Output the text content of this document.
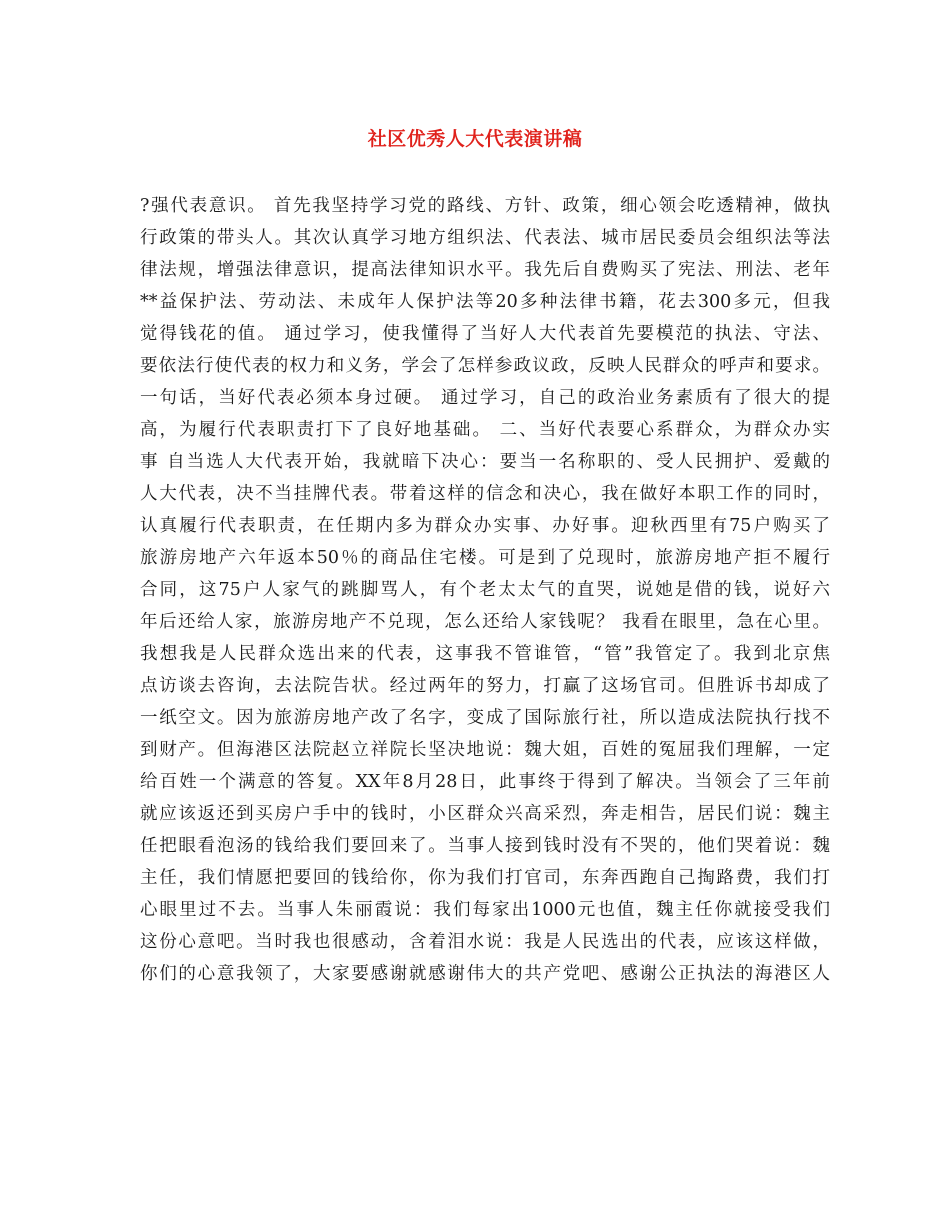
社区优秀人大代表演讲稿
?强代表意识。 首先我坚持学习党的路线、方针、政策，细心领会吃透精神，做执
行政策的带头人。其次认真学习地方组织法、代表法、城市居民委员会组织法等法
律法规，增强法律意识，提高法律知识水平。我先后自费购买了宪法、刑法、老年
**益保护法、劳动法、未成年人保护法等20多种法律书籍，花去300多元，但我
觉得钱花的值。 通过学习，使我懂得了当好人大代表首先要模范的执法、守法、
要依法行使代表的权力和义务，学会了怎样参政议政，反映人民群众的呼声和要求。
一句话，当好代表必须本身过硬。 通过学习，自己的政治业务素质有了很大的提
高，为履行代表职责打下了良好地基础。 二、当好代表要心系群众，为群众办实
事 自当选人大代表开始，我就暗下决心：要当一名称职的、受人民拥护、爱戴的
人大代表，决不当挂牌代表。带着这样的信念和决心，我在做好本职工作的同时，
认真履行代表职责，在任期内多为群众办实事、办好事。迎秋西里有75户购买了
旅游房地产六年返本50％的商品住宅楼。可是到了兑现时，旅游房地产拒不履行
合同，这75户人家气的跳脚骂人，有个老太太气的直哭，说她是借的钱，说好六
年后还给人家，旅游房地产不兑现，怎么还给人家钱呢？ 我看在眼里，急在心里。
我想我是人民群众选出来的代表，这事我不管谁管，“管”我管定了。我到北京焦
点访谈去咨询，去法院告状。经过两年的努力，打赢了这场官司。但胜诉书却成了
一纸空文。因为旅游房地产改了名字，变成了国际旅行社，所以造成法院执行找不
到财产。但海港区法院赵立祥院长坚决地说：魏大姐，百姓的冤屈我们理解，一定
给百姓一个满意的答复。XX年8月28日，此事终于得到了解决。当领会了三年前
就应该返还到买房户手中的钱时，小区群众兴高采烈，奔走相告，居民们说：魏主
任把眼看泡汤的钱给我们要回来了。当事人接到钱时没有不哭的，他们哭着说：魏
主任，我们情愿把要回的钱给你，你为我们打官司，东奔西跑自己掏路费，我们打
心眼里过不去。当事人朱丽霞说：我们每家出1000元也值，魏主任你就接受我们
这份心意吧。当时我也很感动，含着泪水说：我是人民选出的代表，应该这样做，
你们的心意我领了，大家要感谢就感谢伟大的共产党吧、感谢公正执法的海港区人
